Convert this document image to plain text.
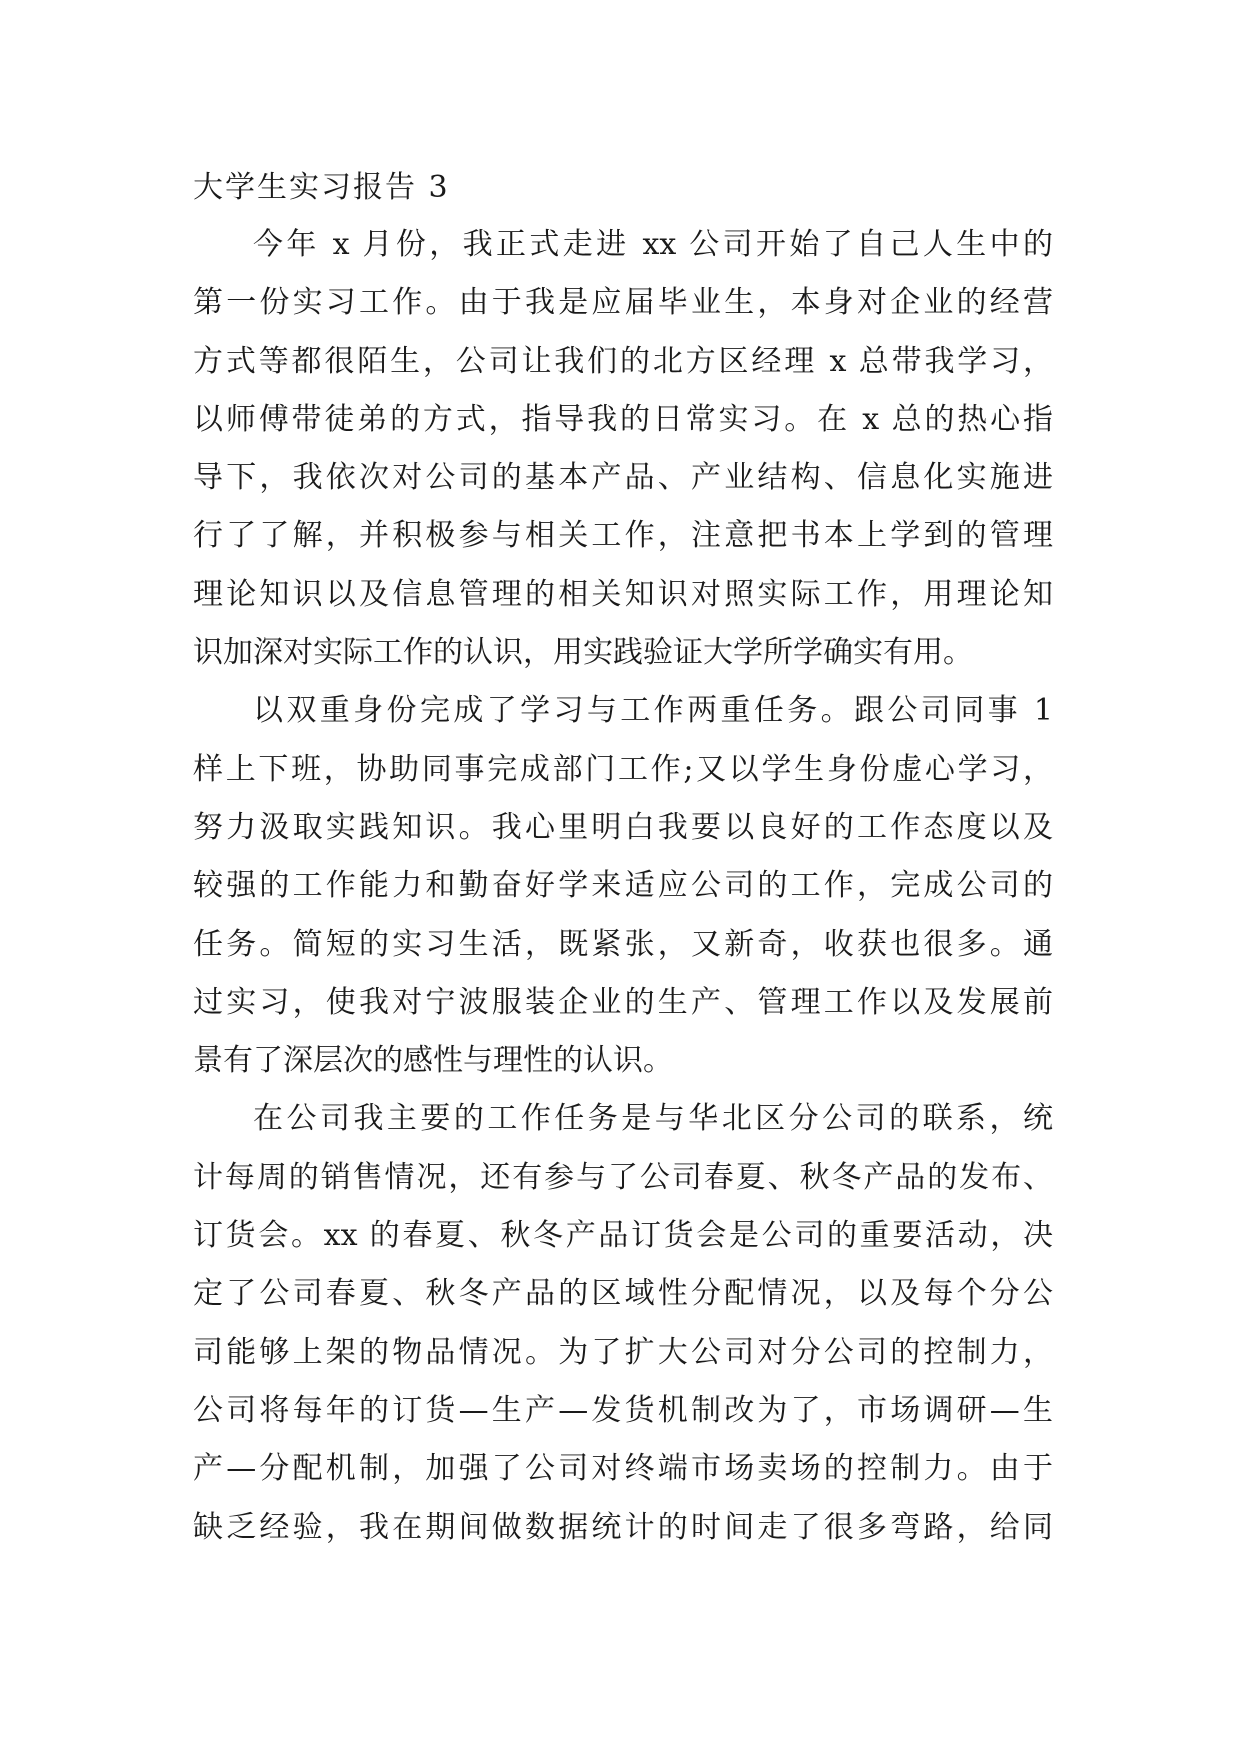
大学生实习报告 3
今年 x 月份，我正式走进 xx 公司开始了自己人生中的
第一份实习工作。由于我是应届毕业生，本身对企业的经营
方式等都很陌生，公司让我们的北方区经理 x 总带我学习，
以师傅带徒弟的方式，指导我的日常实习。在 x 总的热心指
导下，我依次对公司的基本产品、产业结构、信息化实施进
行了了解，并积极参与相关工作，注意把书本上学到的管理
理论知识以及信息管理的相关知识对照实际工作，用理论知
识加深对实际工作的认识，用实践验证大学所学确实有用。
以双重身份完成了学习与工作两重任务。跟公司同事 1
样上下班，协助同事完成部门工作;又以学生身份虚心学习，
努力汲取实践知识。我心里明白我要以良好的工作态度以及
较强的工作能力和勤奋好学来适应公司的工作，完成公司的
任务。简短的实习生活，既紧张，又新奇，收获也很多。通
过实习，使我对宁波服装企业的生产、管理工作以及发展前
景有了深层次的感性与理性的认识。
在公司我主要的工作任务是与华北区分公司的联系，统
计每周的销售情况，还有参与了公司春夏、秋冬产品的发布、
订货会。xx 的春夏、秋冬产品订货会是公司的重要活动，决
定了公司春夏、秋冬产品的区域性分配情况，以及每个分公
司能够上架的物品情况。为了扩大公司对分公司的控制力，
公司将每年的订货—生产—发货机制改为了，市场调研—生
产—分配机制，加强了公司对终端市场卖场的控制力。由于
缺乏经验，我在期间做数据统计的时间走了很多弯路，给同
